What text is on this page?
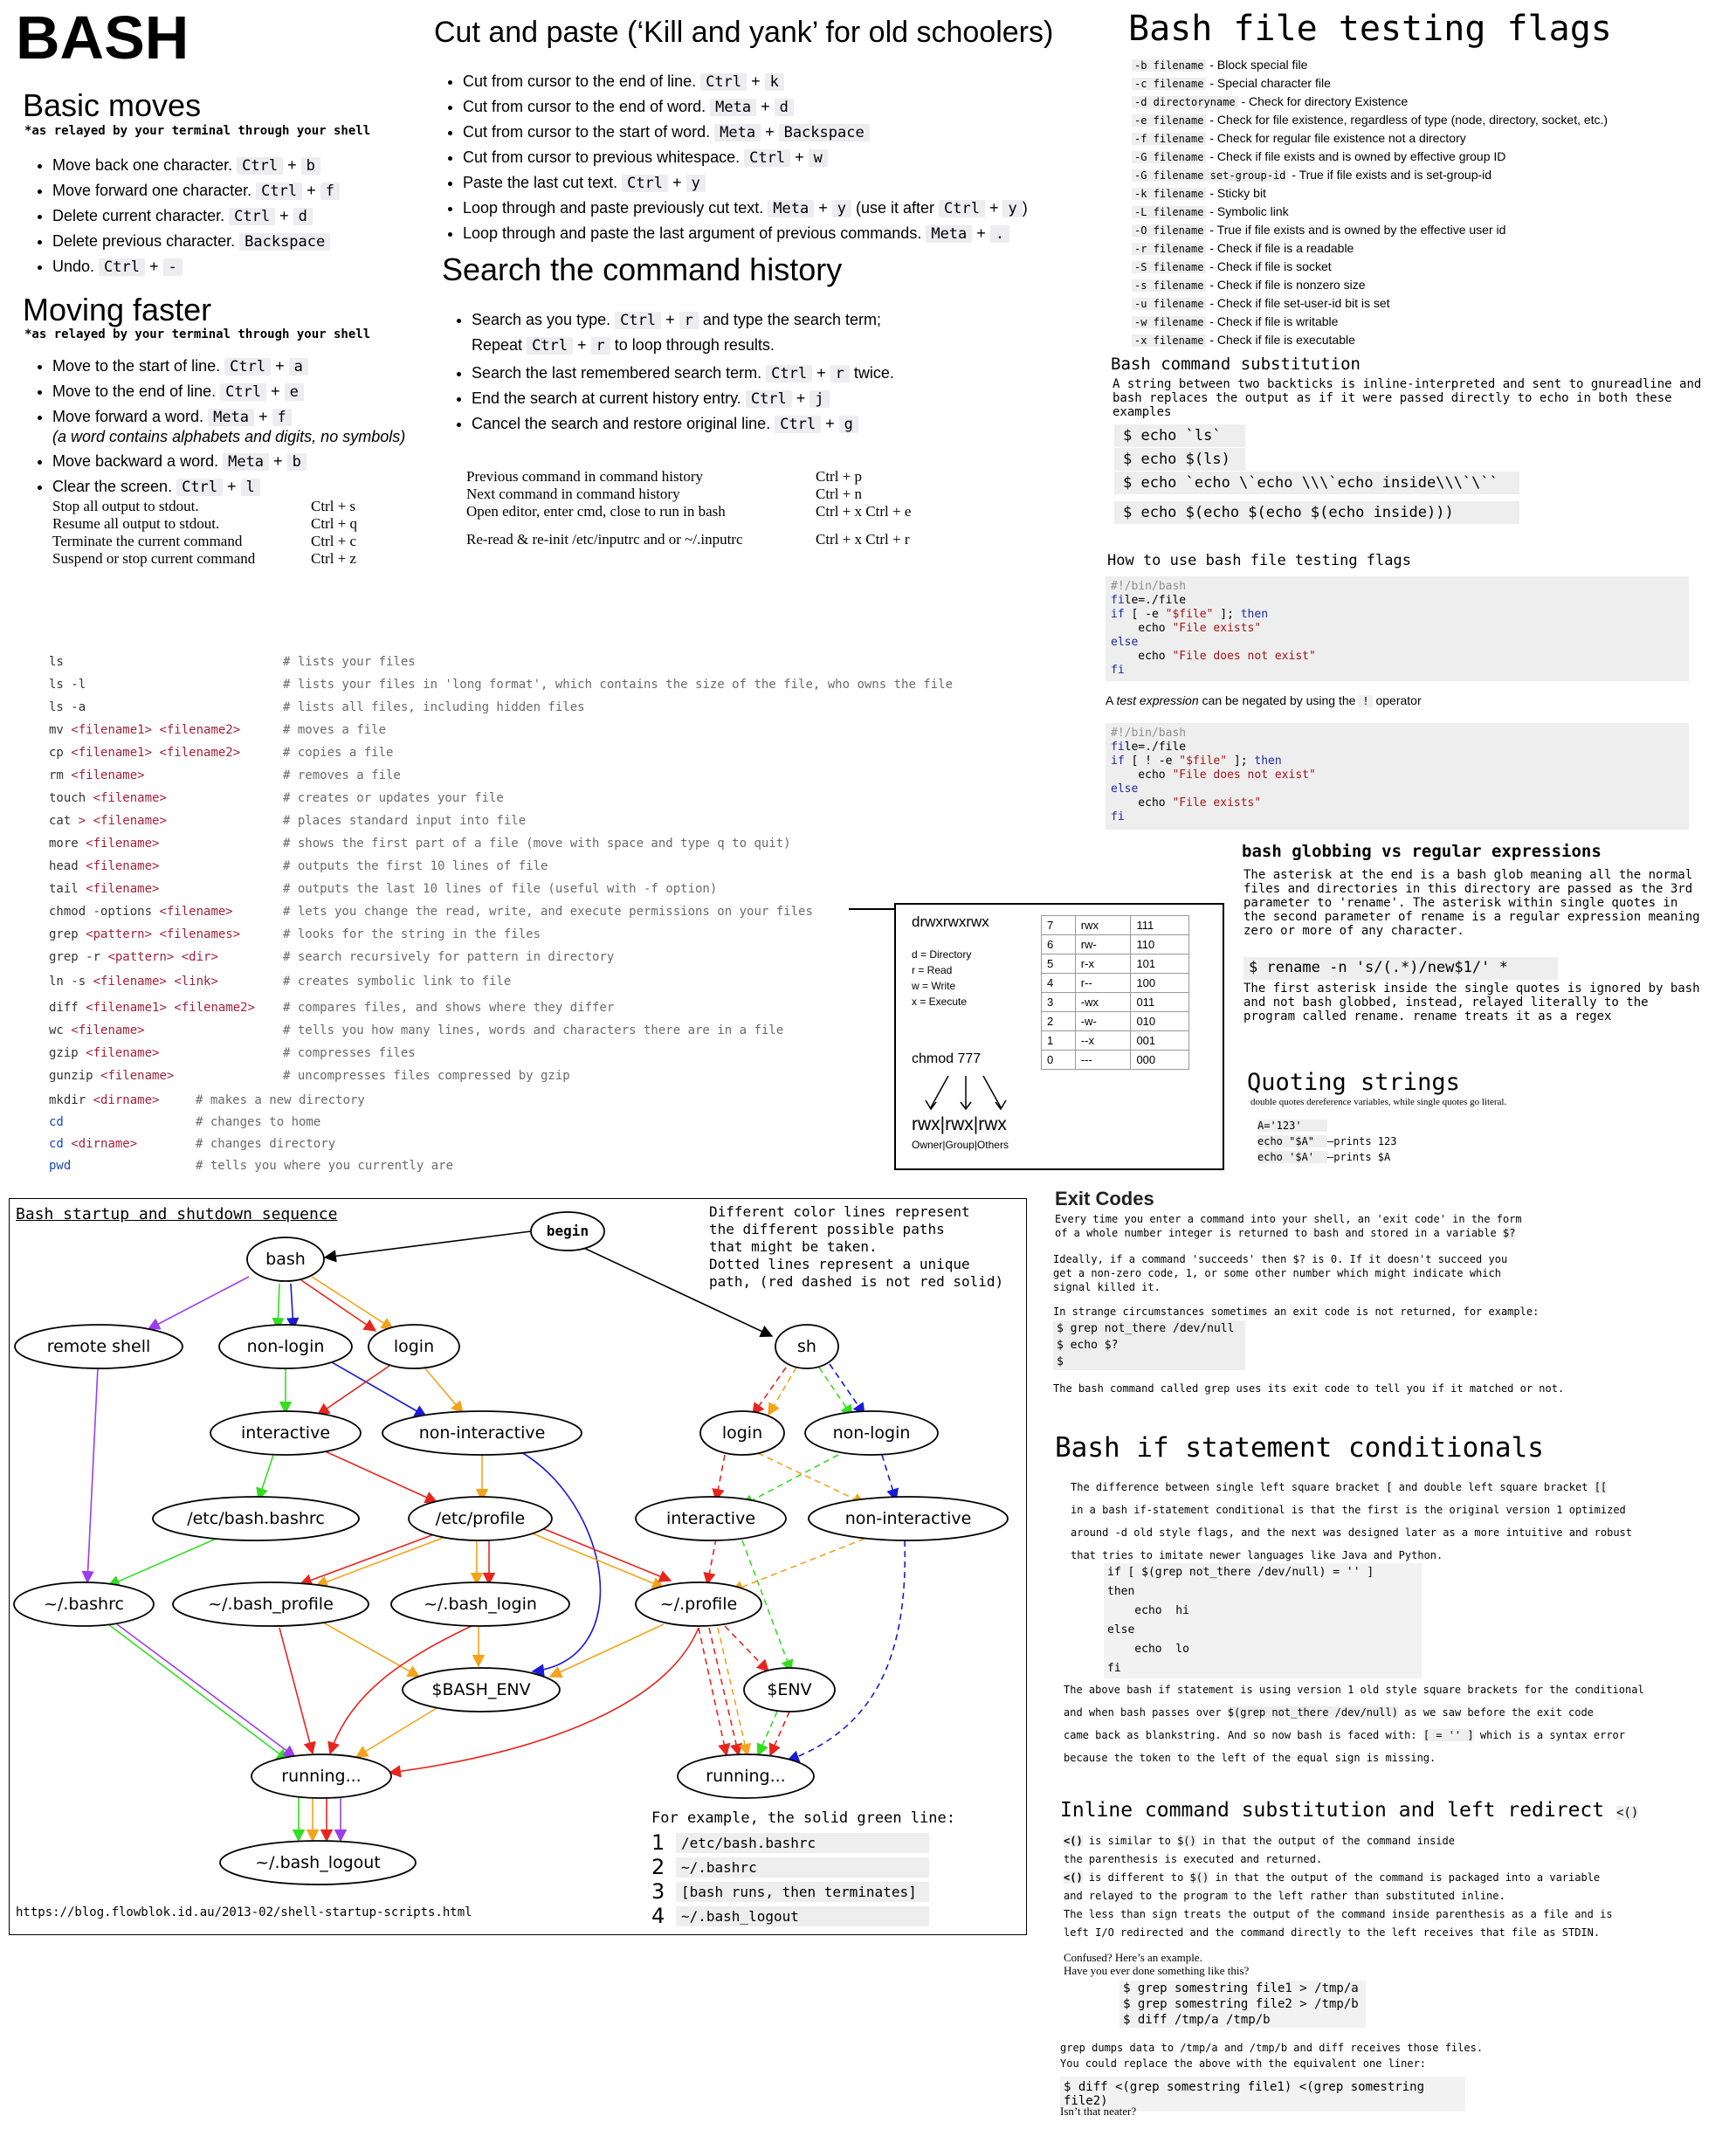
BASH
Basic moves
*as relayed by your terminal through your shell
• Move back one character. Ctrl + b
• Move forward one character. Ctrl + f
• Delete current character. Ctrl + d
• Delete previous character. Backspace
• Undo. Ctrl + -
Moving faster
*as relayed by your terminal through your shell
• Move to the start of line. Ctrl + a
• Move to the end of line. Ctrl + e
• Move forward a word. Meta + f
(a word contains alphabets and digits, no symbols)
• Move backward a word. Meta + b
• Clear the screen. Ctrl + l
Stop all output to stdout.	Ctrl + s
Resume all output to stdout.	Ctrl + q
Terminate the current command	Ctrl + c
Suspend or stop current command	Ctrl + z
Cut and paste (‘Kill and yank’ for old schoolers)
• Cut from cursor to the end of line. Ctrl + k
• Cut from cursor to the end of word. Meta + d
• Cut from cursor to the start of word. Meta + Backspace
• Cut from cursor to previous whitespace. Ctrl + w
• Paste the last cut text. Ctrl + y
• Loop through and paste previously cut text. Meta + y (use it after Ctrl + y )
• Loop through and paste the last argument of previous commands. Meta + .
Search the command history
• Search as you type. Ctrl + r and type the search term;
Repeat Ctrl + r to loop through results.
• Search the last remembered search term. Ctrl + r twice.
• End the search at current history entry. Ctrl + j
• Cancel the search and restore original line. Ctrl + g
Previous command in command history	Ctrl + p
Next command in command history	Ctrl + n
Open editor, enter cmd, close to run in bash	Ctrl + x Ctrl + e
Re-read & re-init /etc/inputrc and or ~/.inputrc	Ctrl + x Ctrl + r
ls	# lists your files
ls -l	# lists your files in 'long format', which contains the size of the file, who owns the file
ls -a	# lists all files, including hidden files
mv <filename1> <filename2>	# moves a file
cp <filename1> <filename2>	# copies a file
rm <filename>	# removes a file
touch <filename>	# creates or updates your file
cat > <filename>	# places standard input into file
more <filename>	# shows the first part of a file (move with space and type q to quit)
head <filename>	# outputs the first 10 lines of file
tail <filename>	# outputs the last 10 lines of file (useful with -f option)
chmod -options <filename>	# lets you change the read, write, and execute permissions on your files
grep <pattern> <filenames>	# looks for the string in the files
grep -r <pattern> <dir>	# search recursively for pattern in directory
ln -s <filename> <link>	# creates symbolic link to file
diff <filename1> <filename2> # compares files, and shows where they differ
wc <filename>	# tells you how many lines, words and characters there are in a file
gzip <filename>	# compresses files
gunzip <filename>	# uncompresses files compressed by gzip
mkdir <dirname>	# makes a new directory
cd	# changes to home
cd <dirname>	# changes directory
pwd	# tells you where you currently are
drwxrwxrwx
d = Directory
r = Read
w = Write
x = Execute
chmod 777
rwx|rwx|rwx
Owner|Group|Others
7	rwx	111
6	rw-	110
5	r-x	101
4	r--	100
3	-wx	011
2	-w-	010
1	--x	001
0	---	000
Bash file testing flags
-b filename - Block special file
-c filename - Special character file
-d directoryname - Check for directory Existence
-e filename - Check for file existence, regardless of type (node, directory, socket, etc.)
-f filename - Check for regular file existence not a directory
-G filename - Check if file exists and is owned by effective group ID
-G filename set-group-id - True if file exists and is set-group-id
-k filename - Sticky bit
-L filename - Symbolic link
-O filename - True if file exists and is owned by the effective user id
-r filename - Check if file is a readable
-S filename - Check if file is socket
-s filename - Check if file is nonzero size
-u filename - Check if file set-user-id bit is set
-w filename - Check if file is writable
-x filename - Check if file is executable
Bash command substitution
A string between two backticks is inline-interpreted and sent to gnureadline and bash replaces the output as if it were passed directly to echo in both these examples
$ echo `ls`
$ echo $(ls)
$ echo `echo \`echo \\\`echo inside\\\`\``
$ echo $(echo $(echo $(echo inside)))
How to use bash file testing flags
#!/bin/bash
file=./file
if [ -e "$file" ]; then
echo "File exists"
else
echo "File does not exist"
fi
A test expression can be negated by using the ! operator
#!/bin/bash
file=./file
if [ ! -e "$file" ]; then
echo "File does not exist"
else
echo "File exists"
fi
bash globbing vs regular expressions
The asterisk at the end is a bash glob meaning all the normal files and directories in this directory are passed as the 3rd parameter to 'rename'. The asterisk within single quotes in the second parameter of rename is a regular expression meaning zero or more of any character.
$ rename -n 's/(.*)/new$1/' *
The first asterisk inside the single quotes is ignored by bash and not bash globbed, instead, relayed literally to the program called rename. rename treats it as a regex
Quoting strings
double quotes dereference variables, while single quotes go literal.
A='123'
echo "$A"	–prints 123
echo '$A'	–prints $A
Bash startup and shutdown sequence	Different color lines represent
the different possible paths
that might be taken.
Dotted lines represent a unique
path, (red dashed is not red solid)
begin
bash
remote shell	non-login	login
interactive	non-interactive
/etc/bash.bashrc	/etc/profile
~/.bashrc	~/.bash_profile	~/.bash_login	~/.profile
$BASH_ENV	$ENV
running...
~/.bash_logout
sh
login	non-login
interactive	non-interactive
running...
For example, the solid green line:
1	/etc/bash.bashrc
2	~/.bashrc
3	[bash runs, then terminates]
4	~/.bash_logout
https://blog.flowblok.id.au/2013-02/shell-startup-scripts.html
Exit Codes
Every time you enter a command into your shell, an 'exit code' in the form of a whole number integer is returned to bash and stored in a variable $?
Ideally, if a command 'succeeds' then $? is 0. If it doesn't succeed you get a non-zero code, 1, or some other number which might indicate which signal killed it.
In strange circumstances sometimes an exit code is not returned, for example:
$ grep not_there /dev/null
$ echo $?
$
The bash command called grep uses its exit code to tell you if it matched or not.
Bash if statement conditionals
The difference between single left square bracket [ and double left square bracket [[
in a bash if-statement conditional is that the first is the original version 1 optimized
around -d old style flags, and the next was designed later as a more intuitive and robust
that tries to imitate newer languages like Java and Python.
if [ $(grep not_there /dev/null) = '' ]
then
echo  hi
else
echo  lo
fi
The above bash if statement is using version 1 old style square brackets for the conditional
and when bash passes over $(grep not_there /dev/null) as we saw before the exit code
came back as blankstring. And so now bash is faced with: [ = '' ] which is a syntax error
because the token to the left of the equal sign is missing.
Inline command substitution and left redirect <()
<() is similar to $() in that the output of the command inside
the parenthesis is executed and returned.
<() is different to $() in that the output of the command is packaged into a variable
and relayed to the program to the left rather than substituted inline.
The less than sign treats the output of the command inside parenthesis as a file and is
left I/O redirected and the command directly to the left receives that file as STDIN.
Confused? Here’s an example.
Have you ever done something like this?
$ grep somestring file1 > /tmp/a
$ grep somestring file2 > /tmp/b
$ diff /tmp/a /tmp/b
grep dumps data to /tmp/a and /tmp/b and diff receives those files.
You could replace the above with the equivalent one liner:
$ diff <(grep somestring file1) <(grep somestring file2)
Isn’t that neater?
